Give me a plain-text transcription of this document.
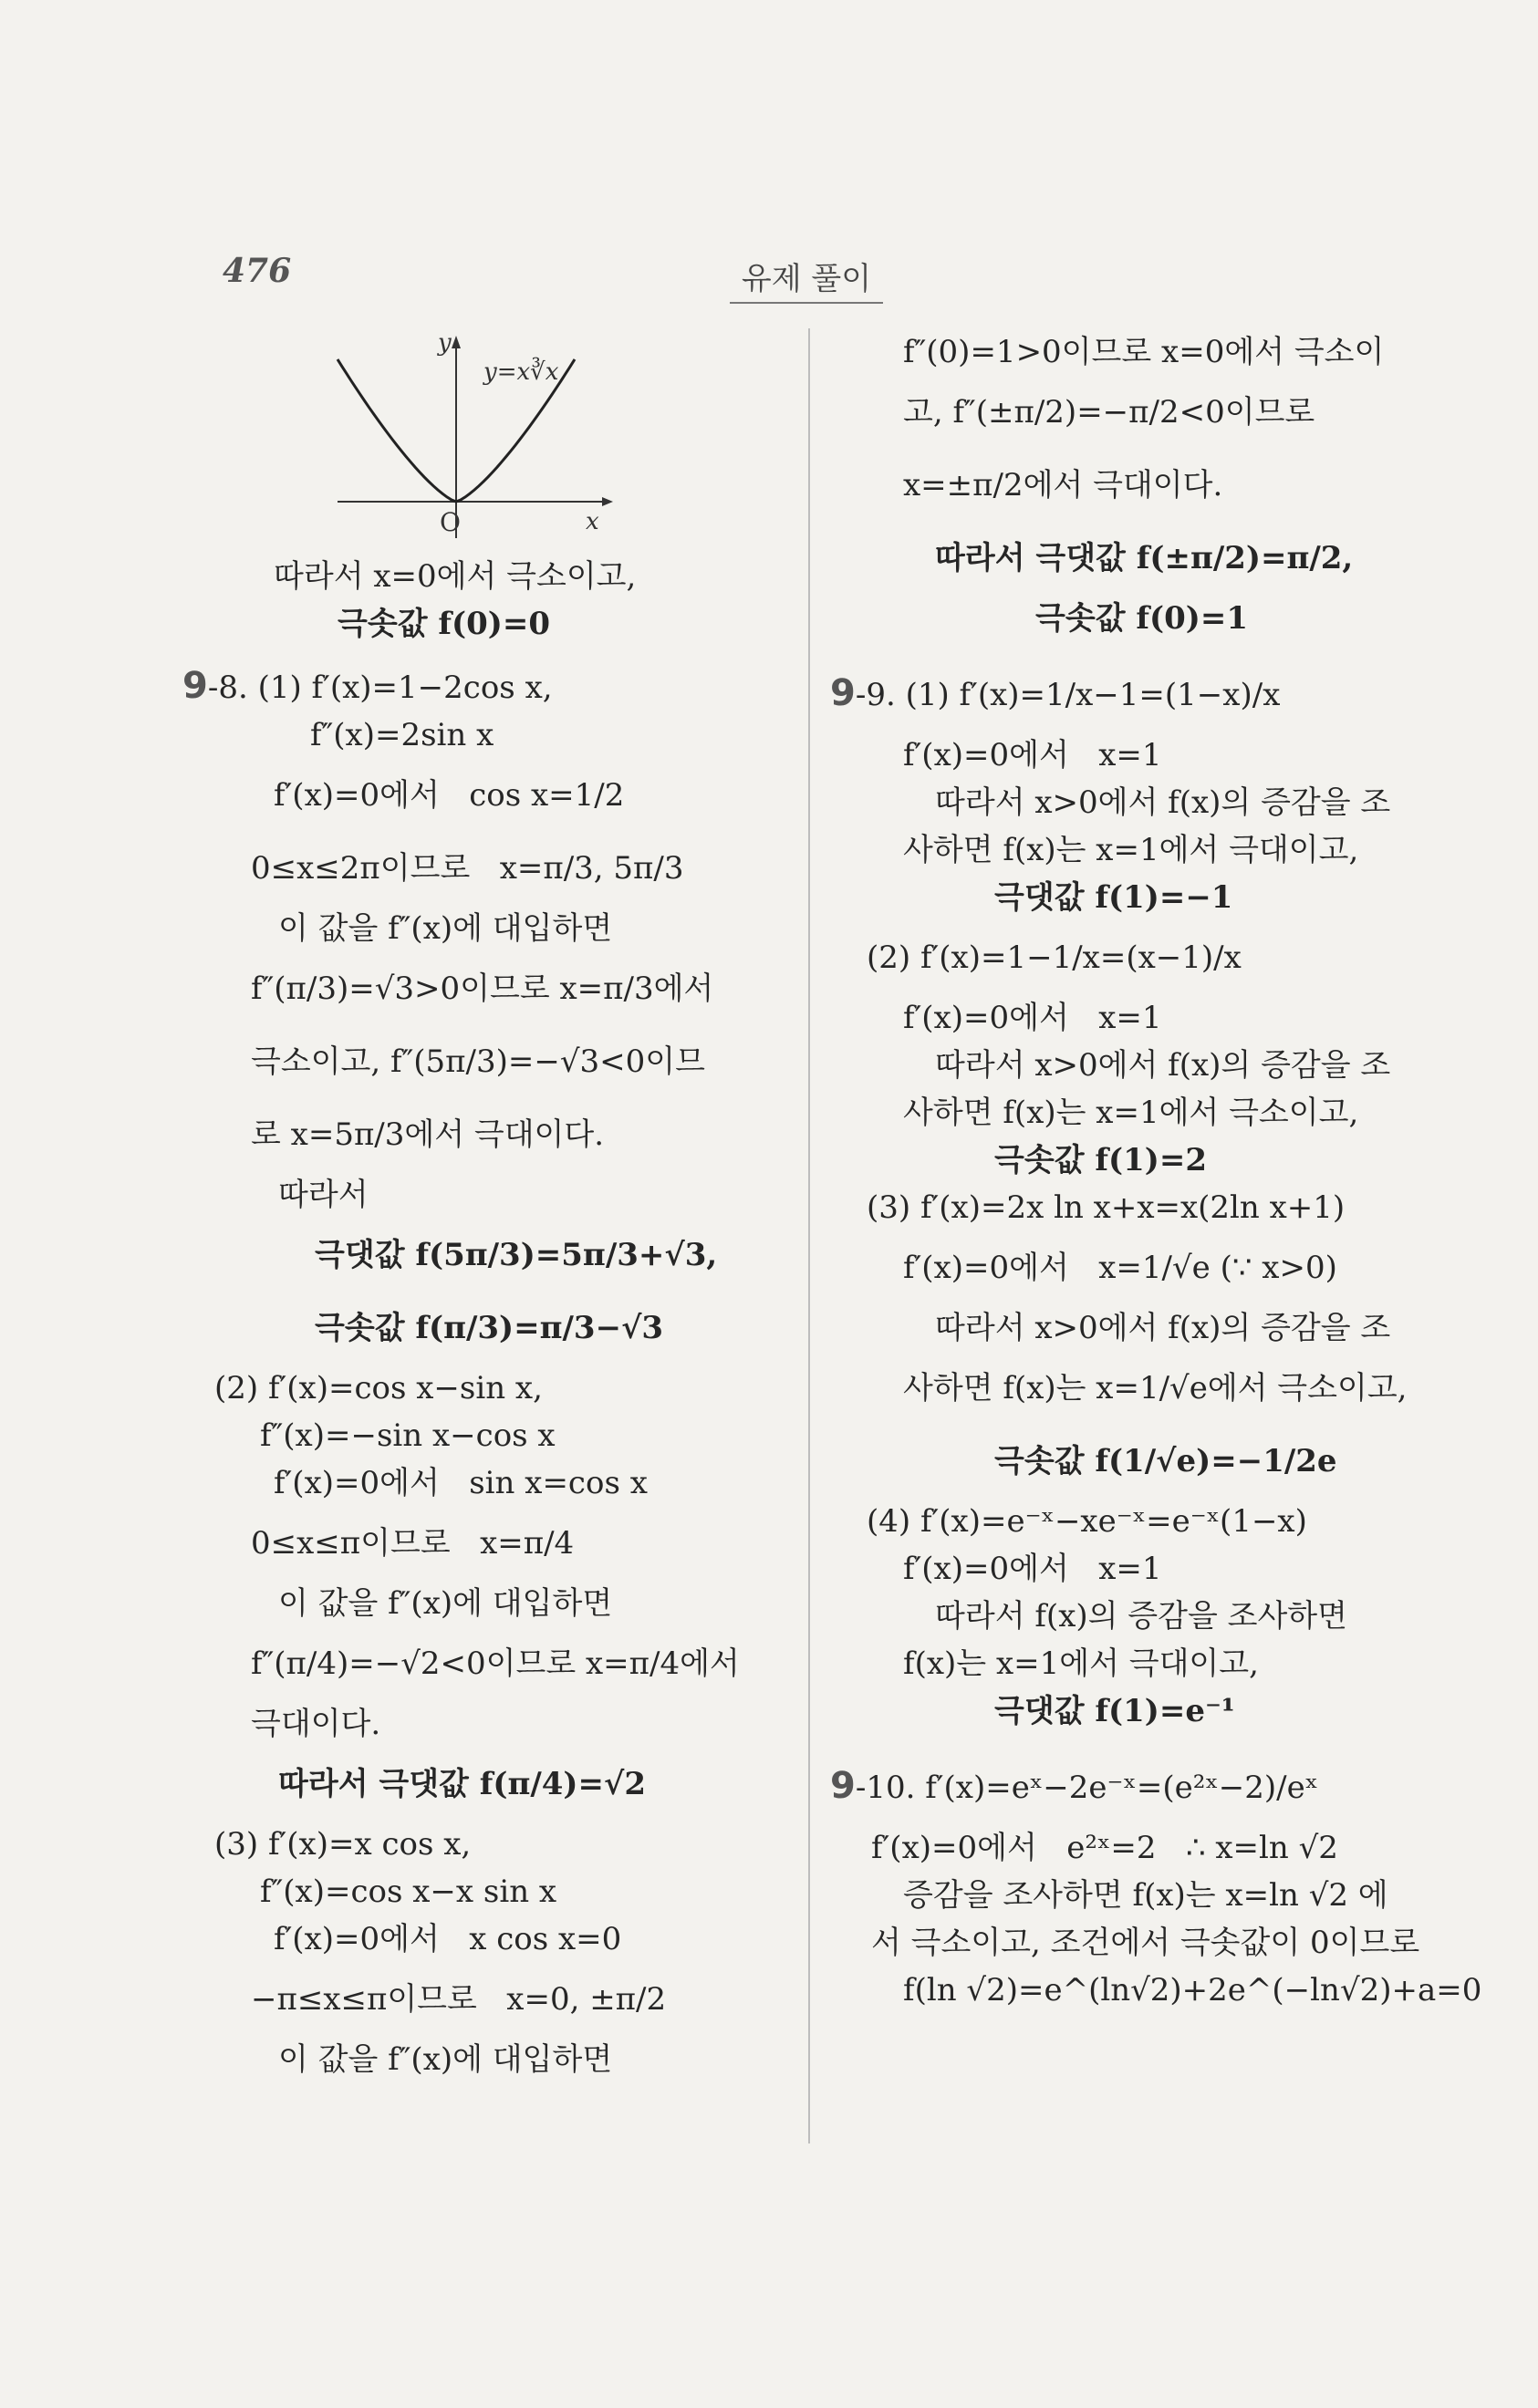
476	유제 풀이
y
y=x∛x
O	x
따라서 x=0에서 극소이고,
극솟값 f(0)=0
9-8. (1) f′(x)=1−2cos x,
f″(x)=2sin x
f′(x)=0에서   cos x=1/2
0≤x≤2π이므로   x=π/3, 5π/3
이 값을 f″(x)에 대입하면
f″(π/3)=√3>0이므로 x=π/3에서
극소이고, f″(5π/3)=−√3<0이므
로 x=5π/3에서 극대이다.
따라서
극댓값 f(5π/3)=5π/3+√3,
극솟값 f(π/3)=π/3−√3
(2) f′(x)=cos x−sin x,
f″(x)=−sin x−cos x
f′(x)=0에서   sin x=cos x
0≤x≤π이므로   x=π/4
이 값을 f″(x)에 대입하면
f″(π/4)=−√2<0이므로 x=π/4에서
극대이다.
따라서 극댓값 f(π/4)=√2
(3) f′(x)=x cos x,
f″(x)=cos x−x sin x
f′(x)=0에서   x cos x=0
−π≤x≤π이므로   x=0, ±π/2
이 값을 f″(x)에 대입하면
f″(0)=1>0이므로 x=0에서 극소이
고, f″(±π/2)=−π/2<0이므로
x=±π/2에서 극대이다.
따라서 극댓값 f(±π/2)=π/2,
극솟값 f(0)=1
9-9. (1) f′(x)=1/x−1=(1−x)/x
f′(x)=0에서   x=1
따라서 x>0에서 f(x)의 증감을 조
사하면 f(x)는 x=1에서 극대이고,
극댓값 f(1)=−1
(2) f′(x)=1−1/x=(x−1)/x
f′(x)=0에서   x=1
따라서 x>0에서 f(x)의 증감을 조
사하면 f(x)는 x=1에서 극소이고,
극솟값 f(1)=2
(3) f′(x)=2x ln x+x=x(2ln x+1)
f′(x)=0에서   x=1/√e (∵ x>0)
따라서 x>0에서 f(x)의 증감을 조
사하면 f(x)는 x=1/√e에서 극소이고,
극솟값 f(1/√e)=−1/2e
(4) f′(x)=e⁻ˣ−xe⁻ˣ=e⁻ˣ(1−x)
f′(x)=0에서   x=1
따라서 f(x)의 증감을 조사하면
f(x)는 x=1에서 극대이고,
극댓값 f(1)=e⁻¹
9-10. f′(x)=eˣ−2e⁻ˣ=(e²ˣ−2)/eˣ
f′(x)=0에서   e²ˣ=2   ∴ x=ln √2
증감을 조사하면 f(x)는 x=ln √2 에
서 극소이고, 조건에서 극솟값이 0이므로
f(ln √2)=e^(ln√2)+2e^(−ln√2)+a=0
